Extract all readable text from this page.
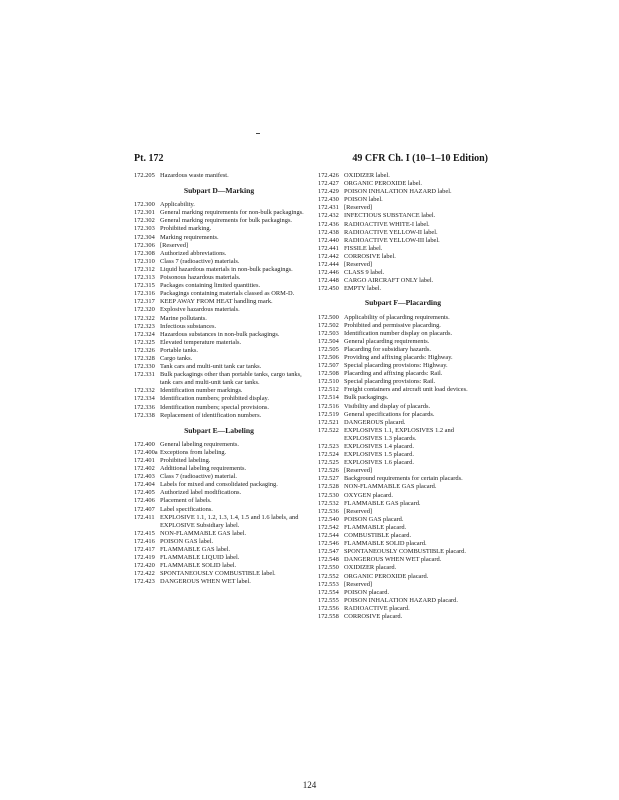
Pt. 172	49 CFR Ch. I (10–1–10 Edition)
172.205 Hazardous waste manifest.
Subpart D—Marking
172.300 Applicability.
172.301 General marking requirements for non-bulk packagings.
172.302 General marking requirements for bulk packagings.
172.303 Prohibited marking.
172.304 Marking requirements.
172.306 [Reserved]
172.308 Authorized abbreviations.
172.310 Class 7 (radioactive) materials.
172.312 Liquid hazardous materials in non-bulk packagings.
172.313 Poisonous hazardous materials.
172.315 Packages containing limited quantities.
172.316 Packagings containing materials classed as ORM-D.
172.317 KEEP AWAY FROM HEAT handling mark.
172.320 Explosive hazardous materials.
172.322 Marine pollutants.
172.323 Infectious substances.
172.324 Hazardous substances in non-bulk packagings.
172.325 Elevated temperature materials.
172.326 Portable tanks.
172.328 Cargo tanks.
172.330 Tank cars and multi-unit tank car tanks.
172.331 Bulk packagings other than portable tanks, cargo tanks, tank cars and multi-unit tank car tanks.
172.332 Identification number markings.
172.334 Identification numbers; prohibited display.
172.336 Identification numbers; special provisions.
172.338 Replacement of identification numbers.
Subpart E—Labeling
172.400 General labeling requirements.
172.400a Exceptions from labeling.
172.401 Prohibited labeling.
172.402 Additional labeling requirements.
172.403 Class 7 (radioactive) material.
172.404 Labels for mixed and consolidated packaging.
172.405 Authorized label modifications.
172.406 Placement of labels.
172.407 Label specifications.
172.411 EXPLOSIVE 1.1, 1.2, 1.3, 1.4, 1.5 and 1.6 labels, and EXPLOSIVE Subsidiary label.
172.415 NON-FLAMMABLE GAS label.
172.416 POISON GAS label.
172.417 FLAMMABLE GAS label.
172.419 FLAMMABLE LIQUID label.
172.420 FLAMMABLE SOLID label.
172.422 SPONTANEOUSLY COMBUSTIBLE label.
172.423 DANGEROUS WHEN WET label.
172.426 OXIDIZER label.
172.427 ORGANIC PEROXIDE label.
172.429 POISON INHALATION HAZARD label.
172.430 POISON label.
172.431 [Reserved]
172.432 INFECTIOUS SUBSTANCE label.
172.436 RADIOACTIVE WHITE-I label.
172.438 RADIOACTIVE YELLOW-II label.
172.440 RADIOACTIVE YELLOW-III label.
172.441 FISSILE label.
172.442 CORROSIVE label.
172.444 [Reserved]
172.446 CLASS 9 label.
172.448 CARGO AIRCRAFT ONLY label.
172.450 EMPTY label.
Subpart F—Placarding
172.500 Applicability of placarding requirements.
172.502 Prohibited and permissive placarding.
172.503 Identification number display on placards.
172.504 General placarding requirements.
172.505 Placarding for subsidiary hazards.
172.506 Providing and affixing placards: Highway.
172.507 Special placarding provisions: Highway.
172.508 Placarding and affixing placards: Rail.
172.510 Special placarding provisions: Rail.
172.512 Freight containers and aircraft unit load devices.
172.514 Bulk packagings.
172.516 Visibility and display of placards.
172.519 General specifications for placards.
172.521 DANGEROUS placard.
172.522 EXPLOSIVES 1.1, EXPLOSIVES 1.2 and EXPLOSIVES 1.3 placards.
172.523 EXPLOSIVES 1.4 placard.
172.524 EXPLOSIVES 1.5 placard.
172.525 EXPLOSIVES 1.6 placard.
172.526 [Reserved]
172.527 Background requirements for certain placards.
172.528 NON-FLAMMABLE GAS placard.
172.530 OXYGEN placard.
172.532 FLAMMABLE GAS placard.
172.536 [Reserved]
172.540 POISON GAS placard.
172.542 FLAMMABLE placard.
172.544 COMBUSTIBLE placard.
172.546 FLAMMABLE SOLID placard.
172.547 SPONTANEOUSLY COMBUSTIBLE placard.
172.548 DANGEROUS WHEN WET placard.
172.550 OXIDIZER placard.
172.552 ORGANIC PEROXIDE placard.
172.553 [Reserved]
172.554 POISON placard.
172.555 POISON INHALATION HAZARD placard.
172.556 RADIOACTIVE placard.
172.558 CORROSIVE placard.
124
